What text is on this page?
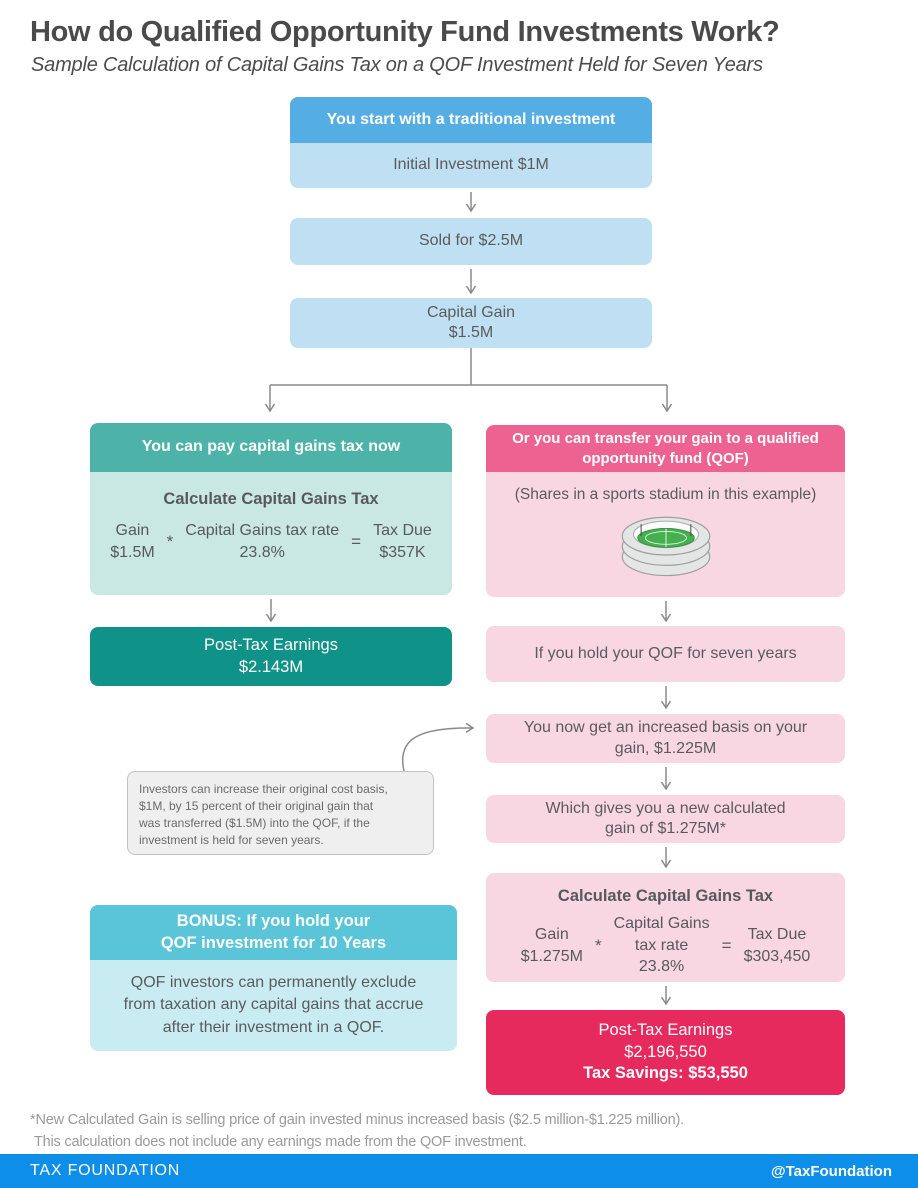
How do Qualified Opportunity Fund Investments Work?
Sample Calculation of Capital Gains Tax on a QOF Investment Held for Seven Years
You start with a traditional investment
Initial Investment $1M
Sold for $2.5M
Capital Gain
$1.5M
You can pay capital gains tax now
Calculate Capital Gains Tax
Gain
$1.5M
*
Capital Gains tax rate
23.8%
=
Tax Due
$357K
Post-Tax Earnings
$2.143M
Investors can increase their original cost basis,
$1M, by 15 percent of their original gain that
was transferred ($1.5M) into the QOF, if the
investment is held for seven years.
BONUS: If you hold your
QOF investment for 10 Years
QOF investors can permanently exclude
from taxation any capital gains that accrue
after their investment in a QOF.
Or you can transfer your gain to a qualified
opportunity fund (QOF)
(Shares in a sports stadium in this example)
If you hold your QOF for seven years
You now get an increased basis on your
gain, $1.225M
Which gives you a new calculated
gain of $1.275M*
Calculate Capital Gains Tax
Gain
$1.275M
*
Capital Gains
tax rate
23.8%
=
Tax Due
$303,450
Post-Tax Earnings
$2,196,550
Tax Savings: $53,550
*New Calculated Gain is selling price of gain invested minus increased basis ($2.5 million-$1.225 million).
This calculation does not include any earnings made from the QOF investment.
TAX FOUNDATION	@TaxFoundation
